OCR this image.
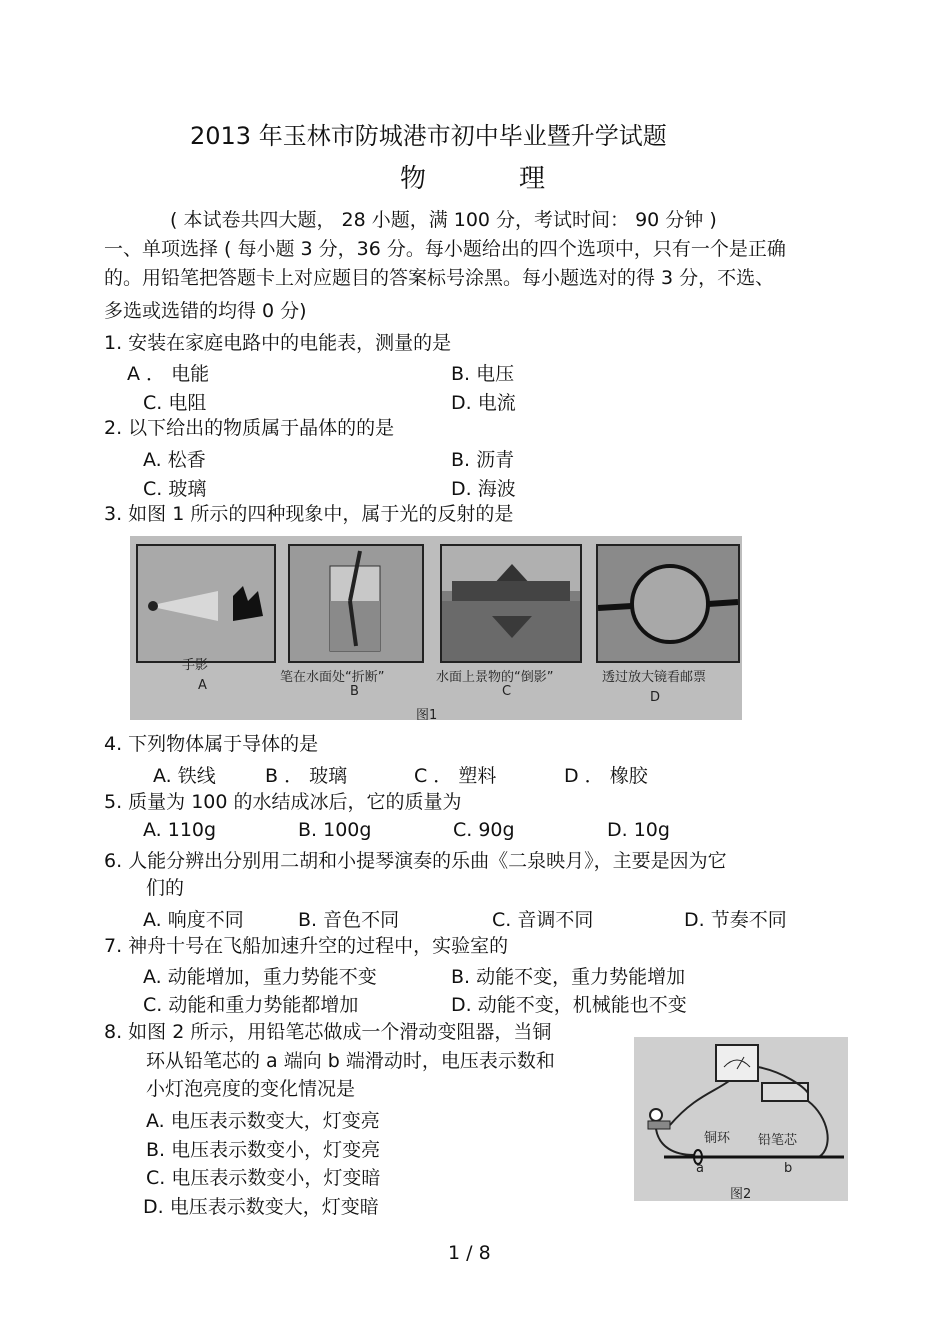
2013 年玉林市防城港市初中毕业暨升学试题
物	理
( 本试卷共四大题， 28 小题，满 100 分，考试时间： 90 分钟 )
一、单项选择 ( 每小题 3 分，36 分。每小题给出的四个选项中，只有一个是正确
的。用铅笔把答题卡上对应题目的答案标号涂黑。每小题选对的得 3 分，不选、
多选或选错的均得 0 分)
1. 安装在家庭电路中的电能表，测量的是
A ． 电能	B. 电压
C. 电阻	D. 电流
2. 以下给出的物质属于晶体的的是
A. 松香	B. 沥青
C. 玻璃	D. 海波
3. 如图 1 所示的四种现象中，属于光的反射的是
手影
笔在水面处“折断”	水面上景物的“倒影”	透过放大镜看邮票
A	B	C	D
图1
4. 下列物体属于导体的是
A. 铁线	B ． 玻璃	C ． 塑料	D ． 橡胶
5. 质量为 100 的水结成冰后，它的质量为
A. 110g	B. 100g	C. 90g	D. 10g
6. 人能分辨出分别用二胡和小提琴演奏的乐曲《二泉映月》，主要是因为它
们的
A. 响度不同	B. 音色不同	C. 音调不同	D. 节奏不同
7. 神舟十号在飞船加速升空的过程中，实验室的
A. 动能增加，重力势能不变	B. 动能不变，重力势能增加
C. 动能和重力势能都增加	D. 动能不变，机械能也不变
8. 如图 2 所示，用铅笔芯做成一个滑动变阻器，当铜
环从铅笔芯的 a 端向 b 端滑动时，电压表示数和
小灯泡亮度的变化情况是
A. 电压表示数变大，灯变亮
B. 电压表示数变小，灯变亮
C. 电压表示数变小，灯变暗
D. 电压表示数变大，灯变暗
铜环 铅笔芯
a	b
图2
1 / 8
